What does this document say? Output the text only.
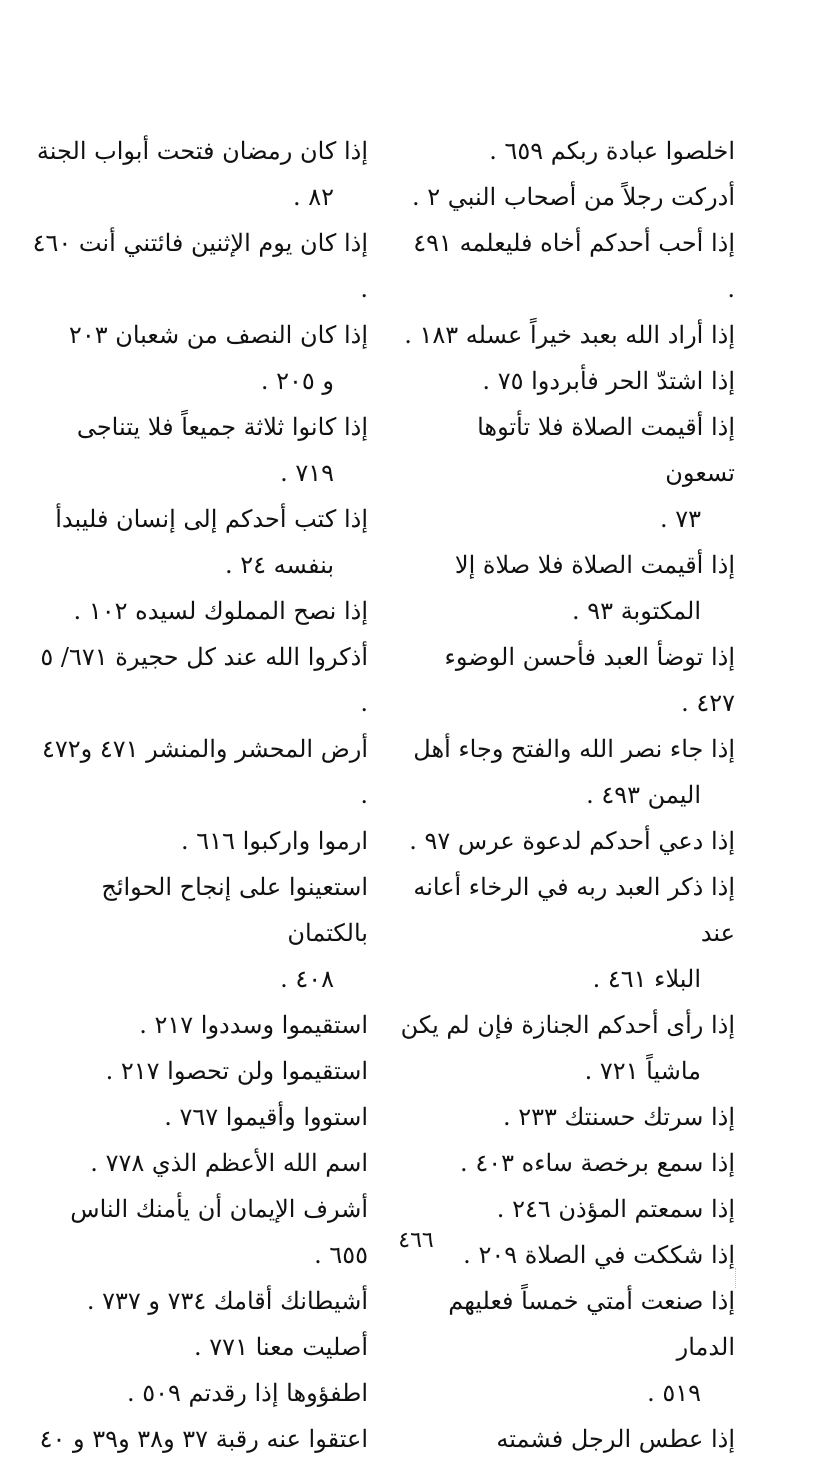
اخلصوا عبادة ربكم ٦٥٩ .
أدركت رجلاً من أصحاب النبي ٢ .
إذا أحب أحدكم أخاه فليعلمه ٤٩١ .
إذا أراد الله بعبد خيراً عسله ١٨٣ .
إذا اشتدّ الحر فأبردوا ٧٥ .
إذا أقيمت الصلاة فلا تأتوها تسعون
٧٣ .
إذا أقيمت الصلاة فلا صلاة إلا
المكتوبة ٩٣ .
إذا توضأ العبد فأحسن الوضوء ٤٢٧ .
إذا جاء نصر الله والفتح وجاء أهل
اليمن ٤٩٣ .
إذا دعي أحدكم لدعوة عرس ٩٧ .
إذا ذكر العبد ربه في الرخاء أعانه عند
البلاء ٤٦١ .
إذا رأى أحدكم الجنازة فإن لم يكن
ماشياً ٧٢١ .
إذا سرتك حسنتك ٢٣٣ .
إذا سمع برخصة ساءه ٤٠٣ .
إذا سمعتم المؤذن ٢٤٦ .
إذا شككت في الصلاة ٢٠٩ .
إذا صنعت أمتي خمساً فعليهم الدمار
٥١٩ .
إذا عطس الرجل فشمته
إذا كان رمضان فتحت أبواب الجنة
٨٢ .
إذا كان يوم الإثنين فائتني أنت ٤٦٠ .
إذا كان النصف من شعبان ٢٠٣
و ٢٠٥ .
إذا كانوا ثلاثة جميعاً فلا يتناجى
٧١٩ .
إذا كتب أحدكم إلى إنسان فليبدأ
بنفسه ٢٤ .
إذا نصح المملوك لسيده ١٠٢ .
أذكروا الله عند كل حجيرة ٦٧١/ ٥ .
أرض المحشر والمنشر ٤٧١ و٤٧٢ .
ارموا واركبوا ٦١٦ .
استعينوا على إنجاح الحوائج بالكتمان
٤٠٨ .
استقيموا وسددوا ٢١٧ .
استقيموا ولن تحصوا ٢١٧ .
استووا وأقيموا ٧٦٧ .
اسم الله الأعظم الذي ٧٧٨ .
أشرف الإيمان أن يأمنك الناس ٦٥٥ .
أشيطانك أقامك ٧٣٤ و ٧٣٧ .
أصليت معنا ٧٧١ .
اطفؤوها إذا رقدتم ٥٠٩ .
اعتقوا عنه رقبة ٣٧ و٣٨ و٣٩ و ٤٠
٤٦٦
